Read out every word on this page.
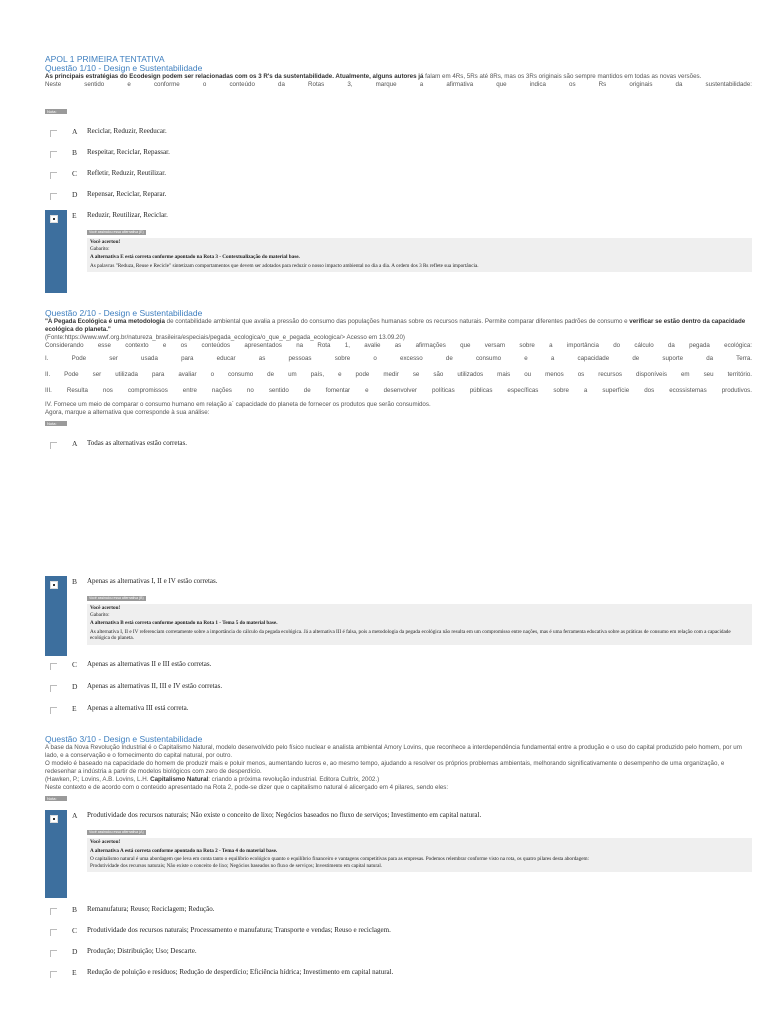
APOL 1 PRIMEIRA TENTATIVA
Questão 1/10 - Design e Sustentabilidade
As principais estratégias do Ecodesign podem ser relacionadas com os 3 R's da sustentabilidade. Atualmente, alguns autores já falam em 4Rs, 5Rs até 8Rs, mas os 3Rs originais são sempre mantidos em todas as novas versões.
Neste sentido e conforme o conteúdo da Rotas 3, marque a afirmativa que indica os Rs originais da sustentabilidade:
Nota: 10.0
A Reciclar, Reduzir, Reeducar.
B Respeitar, Reciclar, Repassar.
C Refletir, Reduzir, Reutilizar.
D Repensar, Reciclar, Reparar.
E Reduzir, Reutilizar, Reciclar.
Você assinalou essa alternativa (E)
Você acertou!
Gabarito:
A alternativa E está correta conforme apontado na Rota 3 - Contextualização do material base.
As palavras "Reduza, Reuse e Recicle" sintetizam comportamentos que devem ser adotados para reduzir o nosso impacto ambiental no dia a dia. A ordem dos 3 Rs reflete sua importância.
Questão 2/10 - Design e Sustentabilidade
"A Pegada Ecológica é uma metodologia de contabilidade ambiental que avalia a pressão do consumo das populações humanas sobre os recursos naturais. Permite comparar diferentes padrões de consumo e verificar se estão dentro da capacidade ecológica do planeta."
(Fonte:https://www.wwf.org.br/natureza_brasileira/especiais/pegada_ecologica/o_que_e_pegada_ecologica/> Acesso em 13.09.20)
Considerando esse contexto e os conteúdos apresentados na Rota 1, avalie as afirmações que versam sobre a importância do cálculo da pegada ecológica:
I. Pode ser usada para educar as pessoas sobre o excesso de consumo e a capacidade de suporte da Terra.
II. Pode ser utilizada para avaliar o consumo de um país, e pode medir se são utilizados mais ou menos os recursos disponíveis em seu território.
III. Resulta nos compromissos entre nações no sentido de fomentar e desenvolver políticas públicas específicas sobre a superfície dos ecossistemas produtivos.
IV. Fornece um meio de comparar o consumo humano em relação a´ capacidade do planeta de fornecer os produtos que serão consumidos.
Agora, marque a alternativa que corresponde à sua análise:
Nota: 10.0
A Todas as alternativas estão corretas.
B Apenas as alternativas I, II e IV estão corretas.
Você assinalou essa alternativa (B)
Você acertou!
Gabarito:
A alternativa B está correta conforme apontado na Rota 1 - Tema 5 do material base.
As alternativa I, II e IV referenciam corretamente sobre a importância do cálculo da pegada ecológica. Já a alternativa III é falsa, pois a metodologia da pegada ecológica não resulta em um compromisso entre nações, mas é uma ferramenta educativa sobre as práticas de consumo em relação com a capacidade ecológica do planeta.
C Apenas as alternativas II e III estão corretas.
D Apenas as alternativas II, III e IV estão corretas.
E Apenas a alternativa III está correta.
Questão 3/10 - Design e Sustentabilidade
A base da Nova Revolução Industrial é o Capitalismo Natural, modelo desenvolvido pelo físico nuclear e analista ambiental Amory Lovins, que reconhece a interdependência fundamental entre a produção e o uso do capital produzido pelo homem, por um lado, e a conservação e o fornecimento do capital natural, por outro.
O modelo é baseado na capacidade do homem de produzir mais e poluir menos, aumentando lucros e, ao mesmo tempo, ajudando a resolver os próprios problemas ambientais, melhorando significativamente o desempenho de uma organização, e redesenhar a indústria a partir de modelos biológicos com zero de desperdício.
(Hawken, P.; Lovins, A.B. Lovins, L.H. Capitalismo Natural: criando a próxima revolução industrial. Editora Cultrix, 2002.)
Neste contexto e de acordo com o conteúdo apresentado na Rota 2, pode-se dizer que o capitalismo natural é alicerçado em 4 pilares, sendo eles:
Nota: 10.0
A Produtividade dos recursos naturais; Não existe o conceito de lixo; Negócios baseados no fluxo de serviços; Investimento em capital natural.
Você assinalou essa alternativa (A)
Você acertou!
A alternativa A está correta conforme apontado na Rota 2 - Tema 4 do material base.
O capitalismo natural é uma abordagem que leva em conta tanto o equilíbrio ecológico quanto o equilíbrio financeiro e vantagens competitivas para as empresas. Podemos relembrar conforme visto na rota, os quatro pilares desta abordagem:
Produtividade dos recursos naturais; Não existe o conceito de lixo; Negócios baseados no fluxo de serviços; Investimento em capital natural.
B Remanufatura; Reuso; Reciclagem; Redução.
C Produtividade dos recursos naturais; Processamento e manufatura; Transporte e vendas; Reuso e reciclagem.
D Produção; Distribuição; Uso; Descarte.
E Redução de poluição e resíduos; Redução de desperdício; Eficiência hídrica; Investimento em capital natural.
